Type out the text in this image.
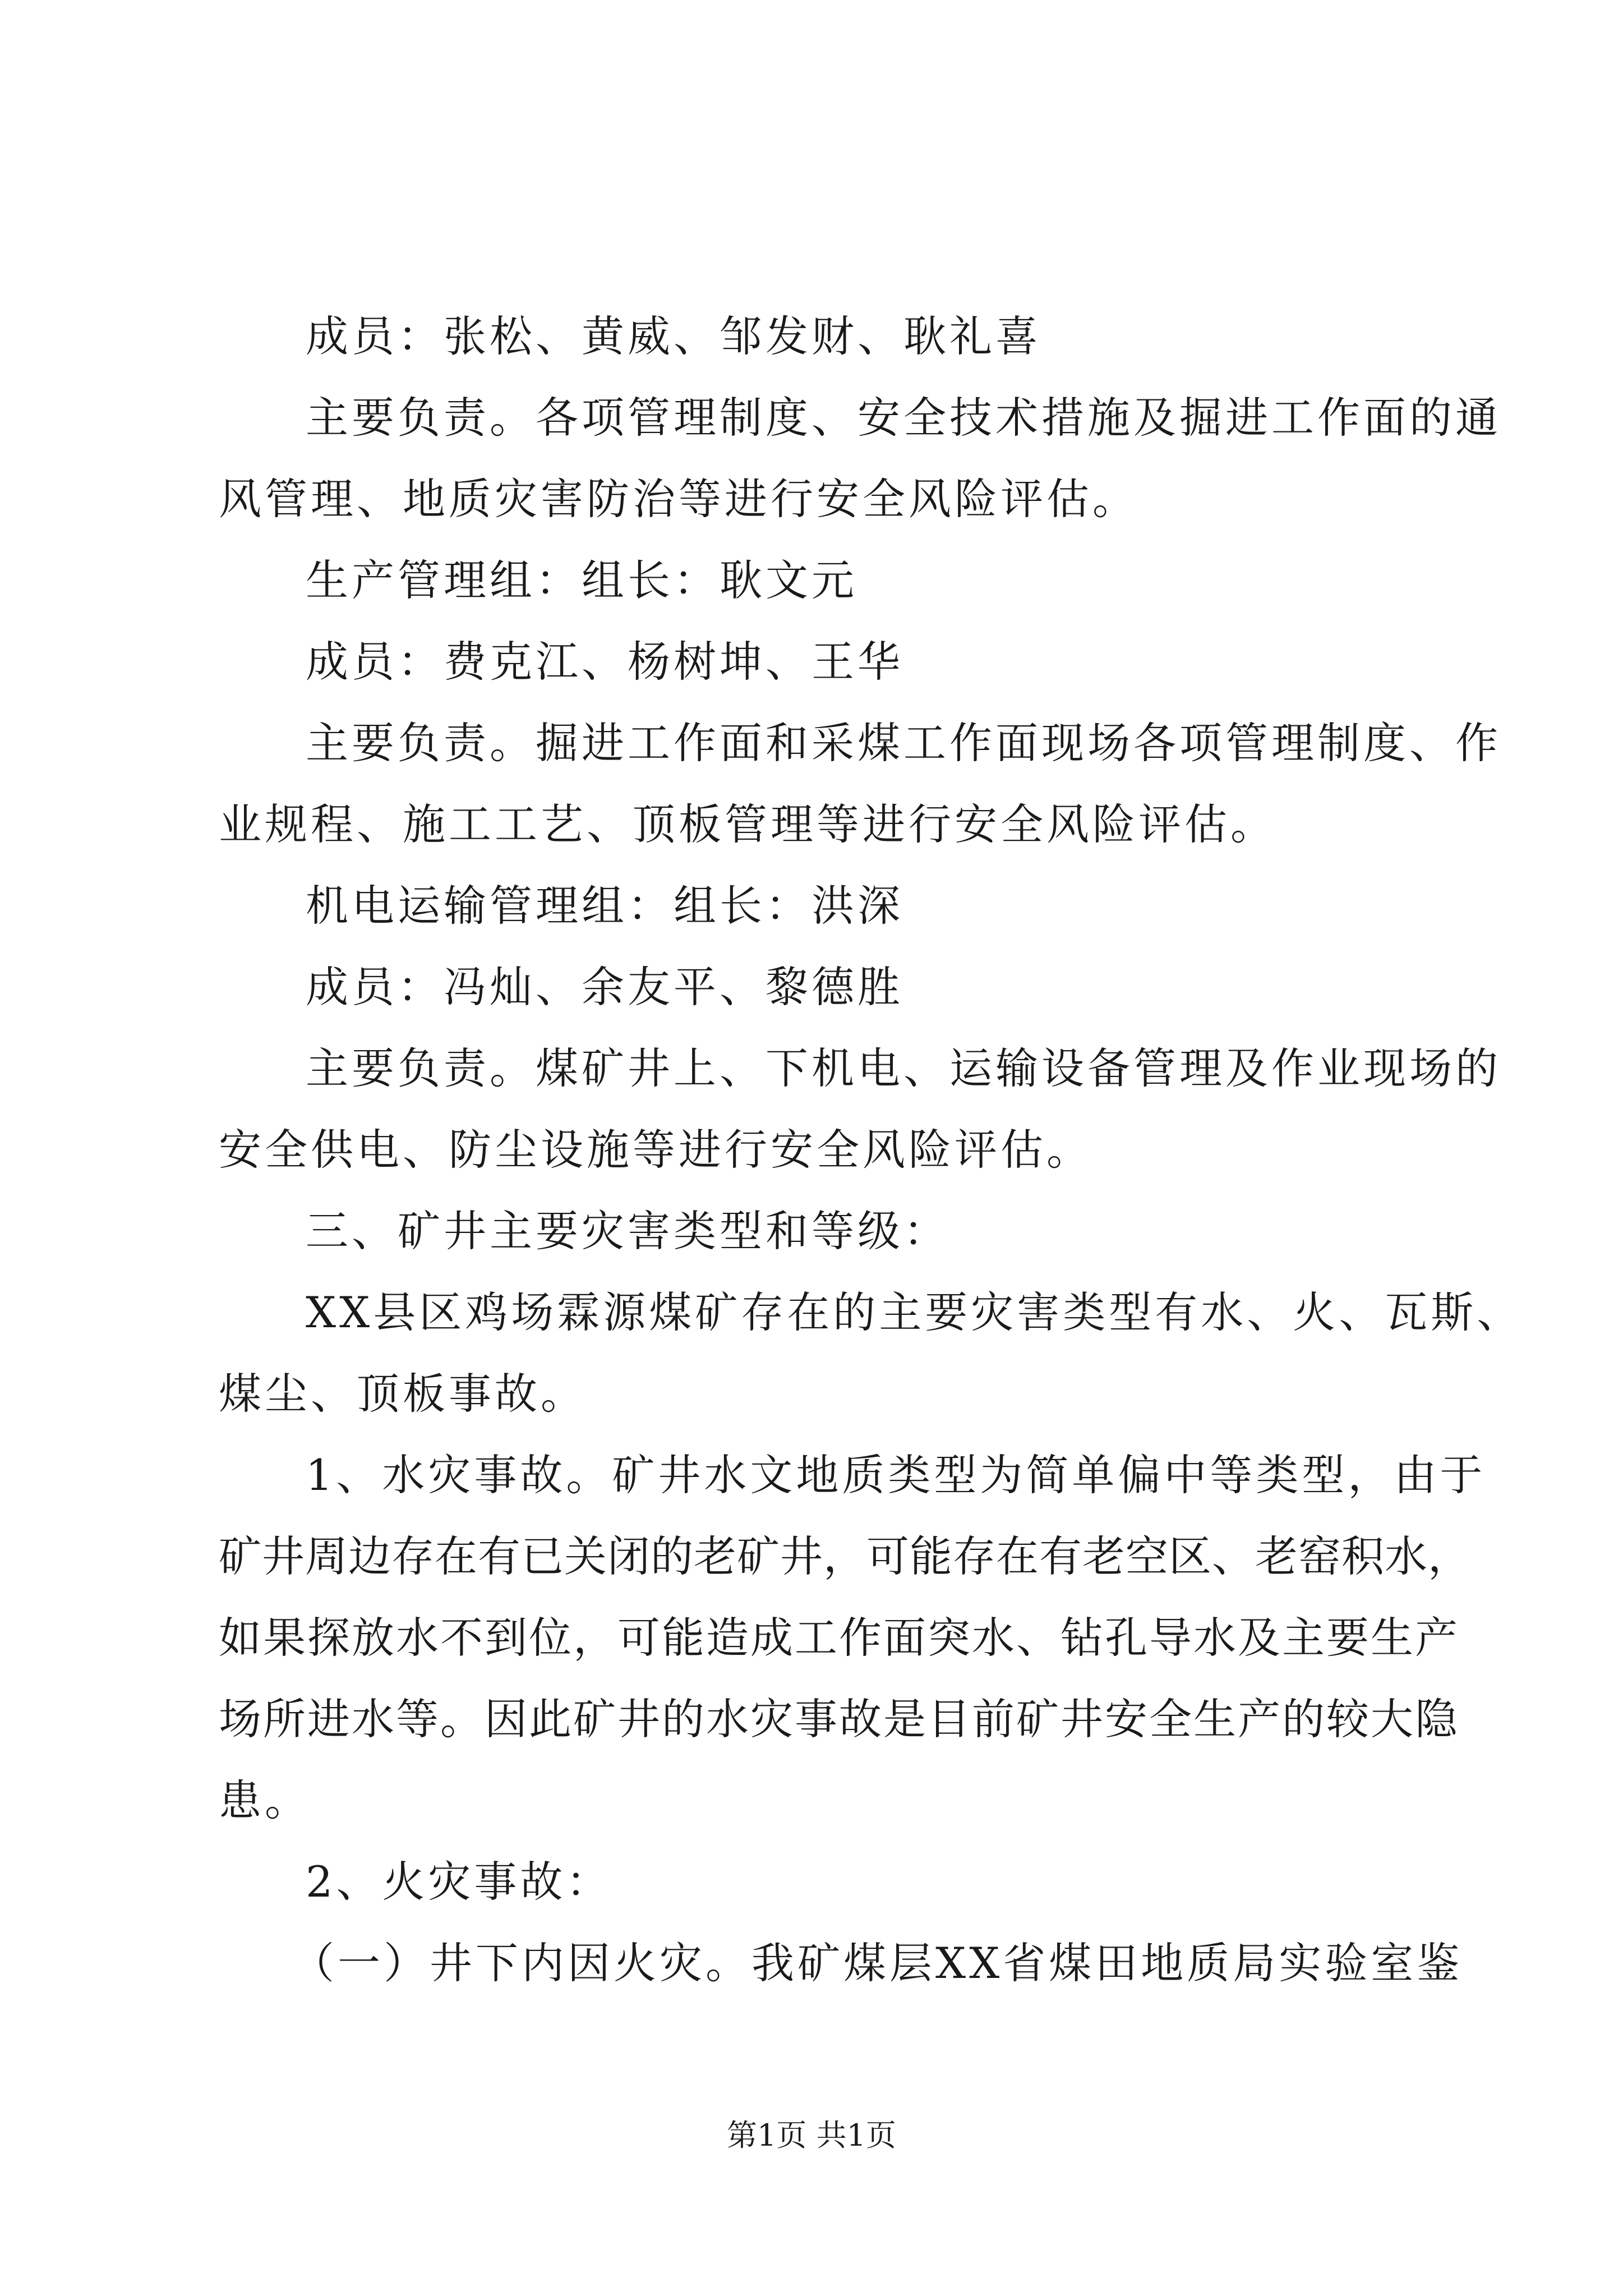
成员：张松、黄威、邹发财、耿礼喜
主要负责。各项管理制度、安全技术措施及掘进工作面的通
风管理、地质灾害防治等进行安全风险评估。
生产管理组：组长：耿文元
成员：费克江、杨树坤、王华
主要负责。掘进工作面和采煤工作面现场各项管理制度、作
业规程、施工工艺、顶板管理等进行安全风险评估。
机电运输管理组：组长：洪深
成员：冯灿、余友平、黎德胜
主要负责。煤矿井上、下机电、运输设备管理及作业现场的
安全供电、防尘设施等进行安全风险评估。
三、矿井主要灾害类型和等级：
XX县区鸡场霖源煤矿存在的主要灾害类型有水、火、瓦斯、
煤尘、顶板事故。
1、水灾事故。矿井水文地质类型为简单偏中等类型，由于
矿井周边存在有已关闭的老矿井，可能存在有老空区、老窑积水，
如果探放水不到位，可能造成工作面突水、钻孔导水及主要生产
场所进水等。因此矿井的水灾事故是目前矿井安全生产的较大隐
患。
2、火灾事故：
（一）井下内因火灾。我矿煤层XX省煤田地质局实验室鉴
第1页 共1页
